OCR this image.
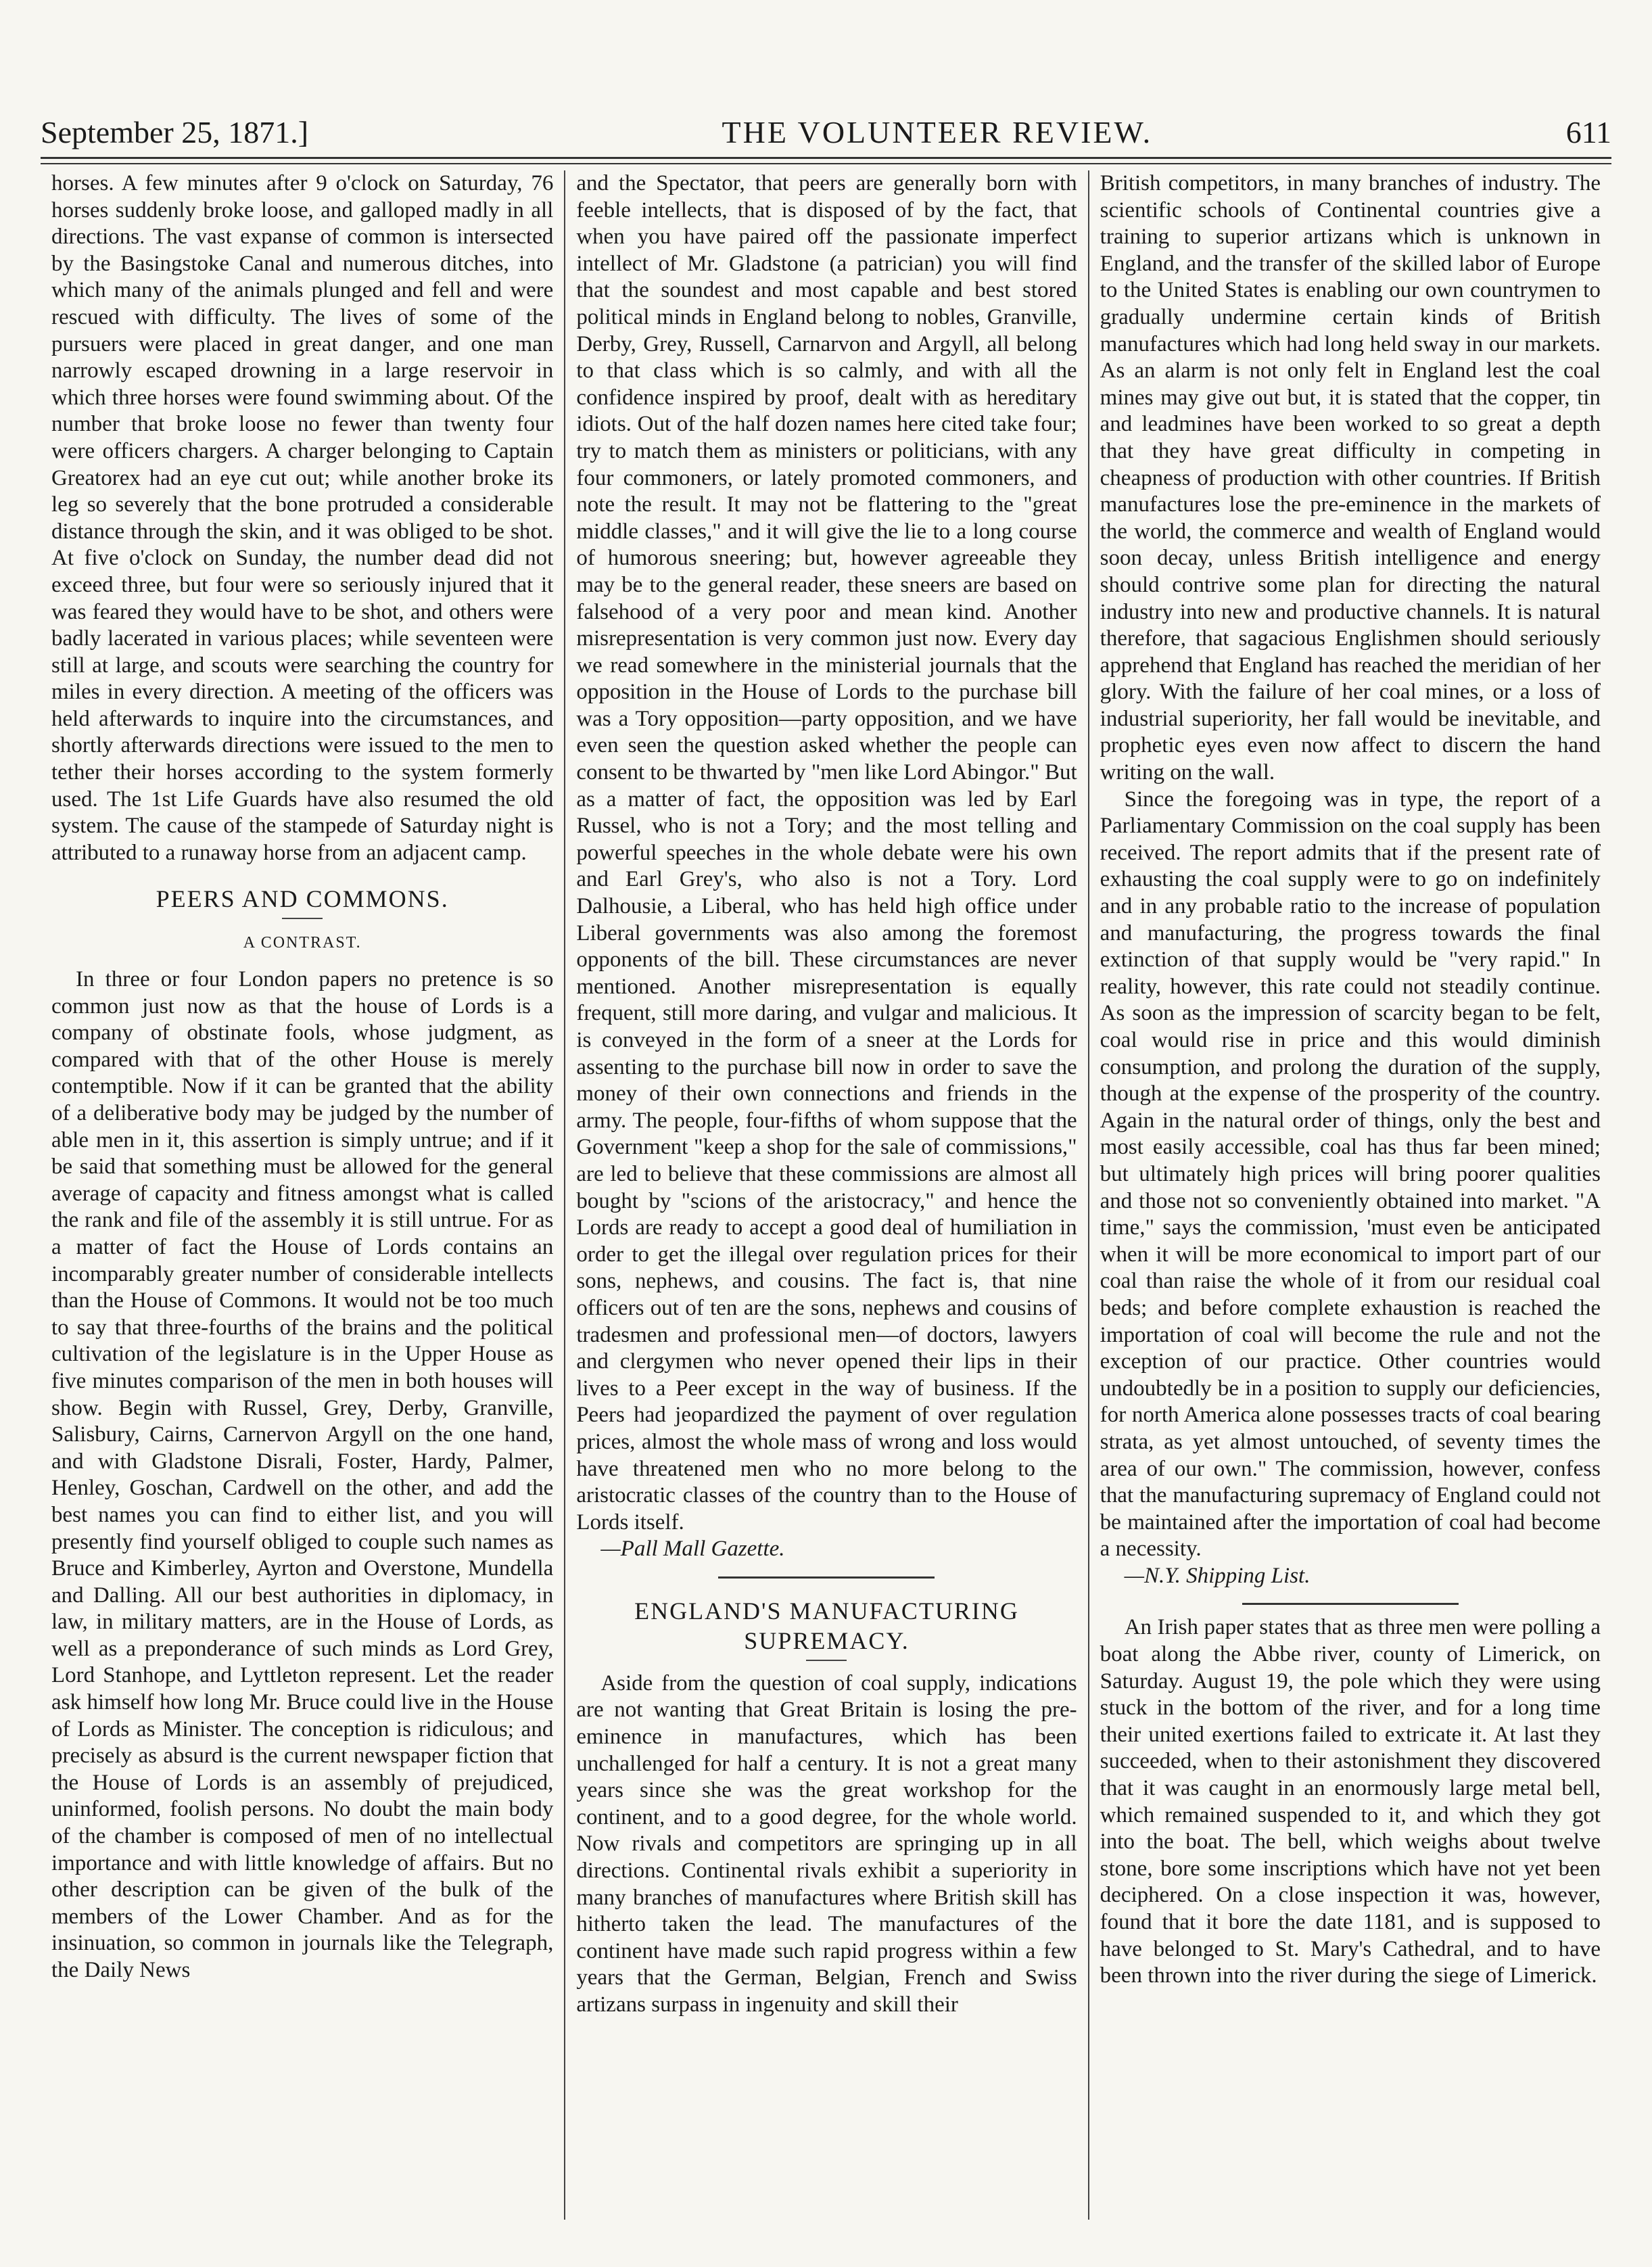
September 25, 1871.]	THE VOLUNTEER REVIEW.	611

horses. A few minutes after 9 o'clock on Saturday, 76 horses suddenly broke loose, and galloped madly in all directions. The vast expanse of common is intersected by the Basingstoke Canal and numerous ditches, into which many of the animals plunged and fell and were rescued with difficulty. The lives of some of the pursuers were placed in great danger, and one man narrowly escaped drowning in a large reservoir in which three horses were found swimming about. Of the number that broke loose no fewer than twenty four were officers chargers. A charger belonging to Captain Greatorex had an eye cut out; while another broke its leg so severely that the bone protruded a considerable distance through the skin, and it was obliged to be shot. At five o'clock on Sunday, the number dead did not exceed three, but four were so seriously injured that it was feared they would have to be shot, and others were badly lacerated in various places; while seventeen were still at large, and scouts were searching the country for miles in every direction. A meeting of the officers was held afterwards to inquire into the circumstances, and shortly afterwards directions were issued to the men to tether their horses according to the system formerly used. The 1st Life Guards have also resumed the old system. The cause of the stampede of Saturday night is attributed to a runaway horse from an adjacent camp.

PEERS AND COMMONS.
A CONTRAST.

In three or four London papers no pretence is so common just now as that the house of Lords is a company of obstinate fools, whose judgment, as compared with that of the other House is merely contemptible. Now if it can be granted that the ability of a deliberative body may be judged by the number of able men in it, this assertion is simply untrue; and if it be said that something must be allowed for the general average of capacity and fitness amongst what is called the rank and file of the assembly it is still untrue. For as a matter of fact the House of Lords contains an incomparably greater number of considerable intellects than the House of Commons. It would not be too much to say that three-fourths of the brains and the political cultivation of the legislature is in the Upper House as five minutes comparison of the men in both houses will show. Begin with Russel, Grey, Derby, Granville, Salisbury, Cairns, Carnervon Argyll on the one hand, and with Gladstone Disrali, Foster, Hardy, Palmer, Henley, Goschan, Cardwell on the other, and add the best names you can find to either list, and you will presently find yourself obliged to couple such names as Bruce and Kimberley, Ayrton and Overstone, Mundella and Dalling. All our best authorities in diplomacy, in law, in military matters, are in the House of Lords, as well as a preponderance of such minds as Lord Grey, Lord Stanhope, and Lyttleton represent. Let the reader ask himself how long Mr. Bruce could live in the House of Lords as Minister. The conception is ridiculous; and precisely as absurd is the current newspaper fiction that the House of Lords is an assembly of prejudiced, uninformed, foolish persons. No doubt the main body of the chamber is composed of men of no intellectual importance and with little knowledge of affairs. But no other description can be given of the bulk of the members of the Lower Chamber. And as for the insinuation, so common in journals like the Telegraph, the Daily News

and the Spectator, that peers are generally born with feeble intellects, that is disposed of by the fact, that when you have paired off the passionate imperfect intellect of Mr. Gladstone (a patrician) you will find that the soundest and most capable and best stored political minds in England belong to nobles, Granville, Derby, Grey, Russell, Carnarvon and Argyll, all belong to that class which is so calmly, and with all the confidence inspired by proof, dealt with as hereditary idiots. Out of the half dozen names here cited take four; try to match them as ministers or politicians, with any four commoners, or lately promoted commoners, and note the result. It may not be flattering to the "great middle classes," and it will give the lie to a long course of humorous sneering; but, however agreeable they may be to the general reader, these sneers are based on falsehood of a very poor and mean kind. Another misrepresentation is very common just now. Every day we read somewhere in the ministerial journals that the opposition in the House of Lords to the purchase bill was a Tory opposition—party opposition, and we have even seen the question asked whether the people can consent to be thwarted by "men like Lord Abingor." But as a matter of fact, the opposition was led by Earl Russel, who is not a Tory; and the most telling and powerful speeches in the whole debate were his own and Earl Grey's, who also is not a Tory. Lord Dalhousie, a Liberal, who has held high office under Liberal governments was also among the foremost opponents of the bill. These circumstances are never mentioned. Another misrepresentation is equally frequent, still more daring, and vulgar and malicious. It is conveyed in the form of a sneer at the Lords for assenting to the purchase bill now in order to save the money of their own connections and friends in the army. The people, four-fifths of whom suppose that the Government "keep a shop for the sale of commissions," are led to believe that these commissions are almost all bought by "scions of the aristocracy," and hence the Lords are ready to accept a good deal of humiliation in order to get the illegal over regulation prices for their sons, nephews, and cousins. The fact is, that nine officers out of ten are the sons, nephews and cousins of tradesmen and professional men—of doctors, lawyers and clergymen who never opened their lips in their lives to a Peer except in the way of business. If the Peers had jeopardized the payment of over regulation prices, almost the whole mass of wrong and loss would have threatened men who no more belong to the aristocratic classes of the country than to the House of Lords itself.

—Pall Mall Gazette.

ENGLAND'S MANUFACTURING SUPREMACY.

Aside from the question of coal supply, indications are not wanting that Great Britain is losing the pre-eminence in manufactures, which has been unchallenged for half a century. It is not a great many years since she was the great workshop for the continent, and to a good degree, for the whole world. Now rivals and competitors are springing up in all directions. Continental rivals exhibit a superiority in many branches of manufactures where British skill has hitherto taken the lead. The manufactures of the continent have made such rapid progress within a few years that the German, Belgian, French and Swiss artizans surpass in ingenuity and skill their

British competitors, in many branches of industry. The scientific schools of Continental countries give a training to superior artizans which is unknown in England, and the transfer of the skilled labor of Europe to the United States is enabling our own countrymen to gradually undermine certain kinds of British manufactures which had long held sway in our markets. As an alarm is not only felt in England lest the coal mines may give out but, it is stated that the copper, tin and leadmines have been worked to so great a depth that they have great difficulty in competing in cheapness of production with other countries. If British manufactures lose the pre-eminence in the markets of the world, the commerce and wealth of England would soon decay, unless British intelligence and energy should contrive some plan for directing the natural industry into new and productive channels. It is natural therefore, that sagacious Englishmen should seriously apprehend that England has reached the meridian of her glory. With the failure of her coal mines, or a loss of industrial superiority, her fall would be inevitable, and prophetic eyes even now affect to discern the hand writing on the wall.

Since the foregoing was in type, the report of a Parliamentary Commission on the coal supply has been received. The report admits that if the present rate of exhausting the coal supply were to go on indefinitely and in any probable ratio to the increase of population and manufacturing, the progress towards the final extinction of that supply would be "very rapid." In reality, however, this rate could not steadily continue. As soon as the impression of scarcity began to be felt, coal would rise in price and this would diminish consumption, and prolong the duration of the supply, though at the expense of the prosperity of the country. Again in the natural order of things, only the best and most easily accessible, coal has thus far been mined; but ultimately high prices will bring poorer qualities and those not so conveniently obtained into market. "A time," says the commission, 'must even be anticipated when it will be more economical to import part of our coal than raise the whole of it from our residual coal beds; and before complete exhaustion is reached the importation of coal will become the rule and not the exception of our practice. Other countries would undoubtedly be in a position to supply our deficiencies, for north America alone possesses tracts of coal bearing strata, as yet almost untouched, of seventy times the area of our own." The commission, however, confess that the manufacturing supremacy of England could not be maintained after the importation of coal had become a necessity.

—N.Y. Shipping List.

An Irish paper states that as three men were polling a boat along the Abbe river, county of Limerick, on Saturday. August 19, the pole which they were using stuck in the bottom of the river, and for a long time their united exertions failed to extricate it. At last they succeeded, when to their astonishment they discovered that it was caught in an enormously large metal bell, which remained suspended to it, and which they got into the boat. The bell, which weighs about twelve stone, bore some inscriptions which have not yet been deciphered. On a close inspection it was, however, found that it bore the date 1181, and is supposed to have belonged to St. Mary's Cathedral, and to have been thrown into the river during the siege of Limerick.
